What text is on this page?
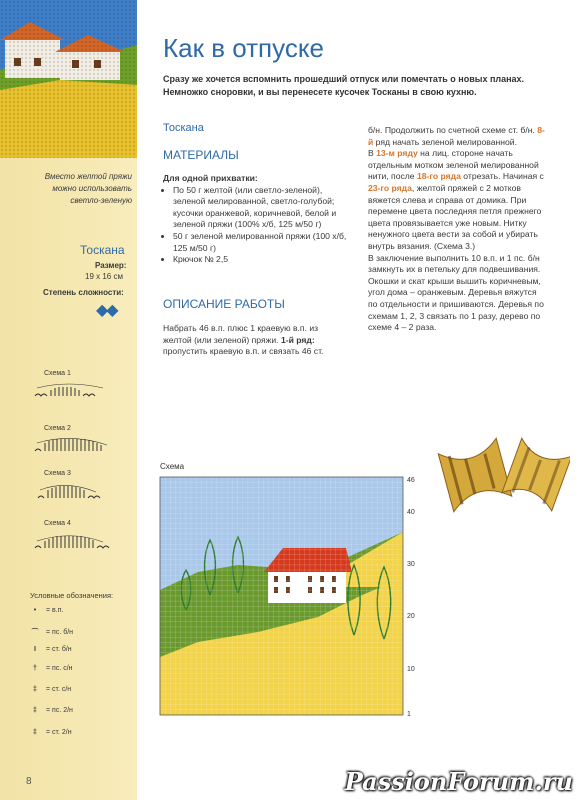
Вместо желтой пряжи
можно использовать
светло-зеленую
Тоскана
Размер:
19 х 16 см
Степень сложности:
◆◆
Схема 1
Схема 2
Схема 3
Схема 4
Условные обозначения:
• = в.п.
⌒ = пс. б/н
I = ст. б/н
† = пс. с/н
‡ = ст. с/н
‡ = пс. 2/н
‡ = ст. 2/н
8
Как в отпуске
Сразу же хочется вспомнить прошедший отпуск или помечтать о новых планах. Немножко сноровки, и вы перенесете кусочек Тосканы в свою кухню.
Тоскана
МАТЕРИАЛЫ

Для одной прихватки:

• По 50 г желтой (или светло-зеленой), зеленой мелированной, светло-голубой; кусочки оранжевой, коричневой, белой и зеленой пряжи (100% х/б, 125 м/50 г)
• 50 г зеленой мелированной пряжи (100 х/б, 125 м/50 г)
• Крючок № 2,5
ОПИСАНИЕ РАБОТЫ
Набрать 46 в.п. плюс 1 краевую в.п. из желтой (или зеленой) пряжи. 1-й ряд: пропустить краевую в.п. и связать 46 ст.

б/н. Продолжить по счетной схеме ст. б/н. 8-й ряд начать зеленой мелированной.

В 13-м ряду на лиц. стороне начать отдельным мотком зеленой мелированной нити, после 18-го ряда отрезать. Начиная с 23-го ряда, желтой пряжей с 2 мотков вяжется слева и справа от домика. При перемене цвета последняя петля прежнего цвета провязывается уже новым. Нитку ненужного цвета вести за собой и убирать внутрь вязания. (Схема 3.)

В заключение выполнить 10 в.п. и 1 пс. б/н замкнуть их в петельку для подвешивания. Окошки и скат крыши вышить коричневым, угол дома – оранжевым. Деревья вяжутся по отдельности и пришиваются. Деревья по схемам 1, 2, 3 связать по 1 разу, дерево по схеме 4 – 2 раза.

Схема
1
10
20
30
40
46
PassionForum.ru
